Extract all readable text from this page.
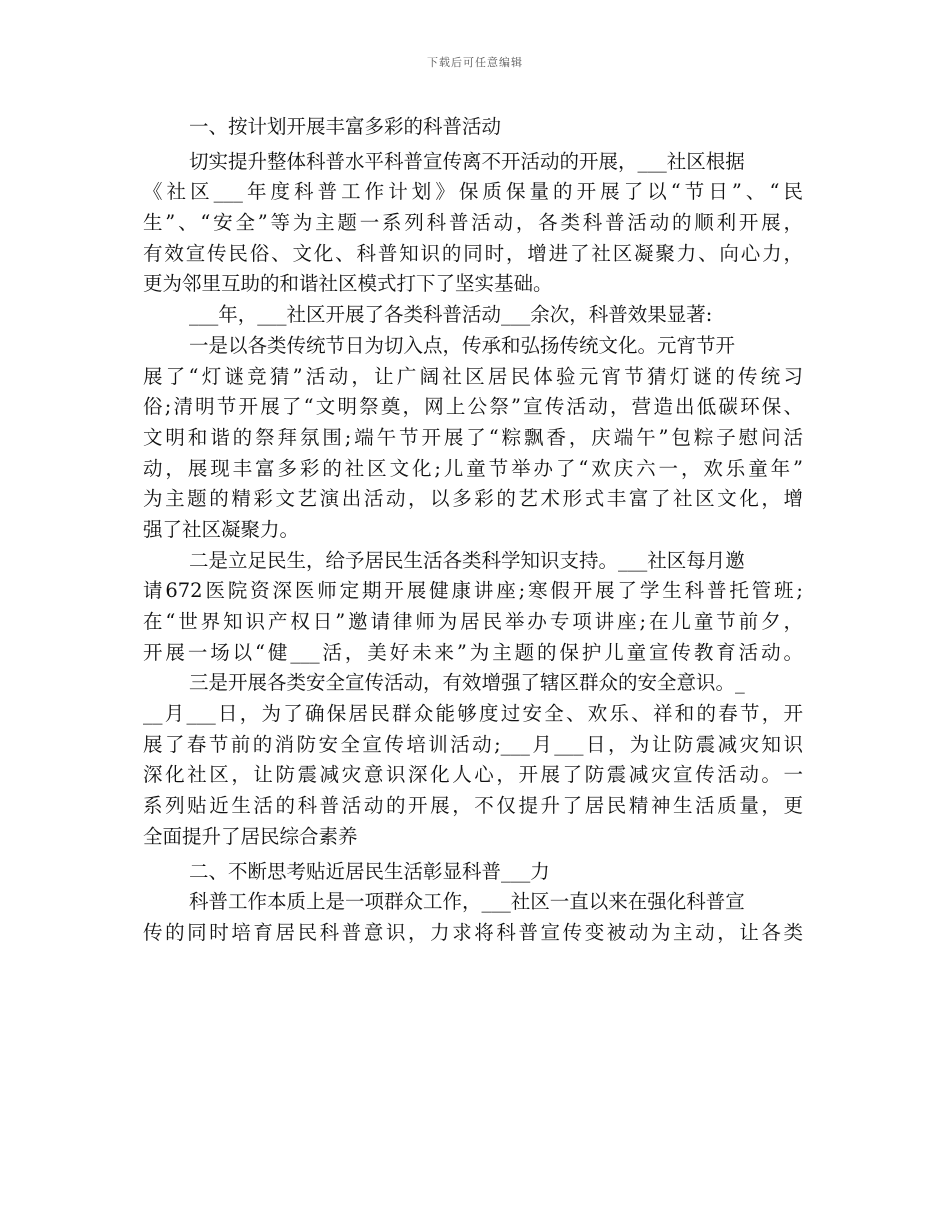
下载后可任意编辑
一、按计划开展丰富多彩的科普活动
切实提升整体科普水平科普宣传离不开活动的开展，___社区根据
《社区___年度科普工作计划》保质保量的开展了以“节日”、“民
生”、“安全”等为主题一系列科普活动，各类科普活动的顺利开展，
有效宣传民俗、文化、科普知识的同时，增进了社区凝聚力、向心力，
更为邻里互助的和谐社区模式打下了坚实基础。
___年，___社区开展了各类科普活动___余次，科普效果显著:
一是以各类传统节日为切入点，传承和弘扬传统文化。元宵节开
展了“灯谜竞猜”活动，让广阔社区居民体验元宵节猜灯谜的传统习
俗;清明节开展了“文明祭奠，网上公祭”宣传活动，营造出低碳环保、
文明和谐的祭拜氛围;端午节开展了“粽飘香，庆端午”包粽子慰问活
动，展现丰富多彩的社区文化;儿童节举办了“欢庆六一，欢乐童年”
为主题的精彩文艺演出活动，以多彩的艺术形式丰富了社区文化，增
强了社区凝聚力。
二是立足民生，给予居民生活各类科学知识支持。___社区每月邀
请672医院资深医师定期开展健康讲座;寒假开展了学生科普托管班;
在“世界知识产权日”邀请律师为居民举办专项讲座;在儿童节前夕，
开展一场以“健___活，美好未来”为主题的保护儿童宣传教育活动。
三是开展各类安全宣传活动，有效增强了辖区群众的安全意识。_
__月___日，为了确保居民群众能够度过安全、欢乐、祥和的春节，开
展了春节前的消防安全宣传培训活动;___月___日，为让防震减灾知识
深化社区，让防震减灾意识深化人心，开展了防震减灾宣传活动。一
系列贴近生活的科普活动的开展，不仅提升了居民精神生活质量，更
全面提升了居民综合素养
二、不断思考贴近居民生活彰显科普___力
科普工作本质上是一项群众工作，___社区一直以来在强化科普宣
传的同时培育居民科普意识，力求将科普宣传变被动为主动，让各类
